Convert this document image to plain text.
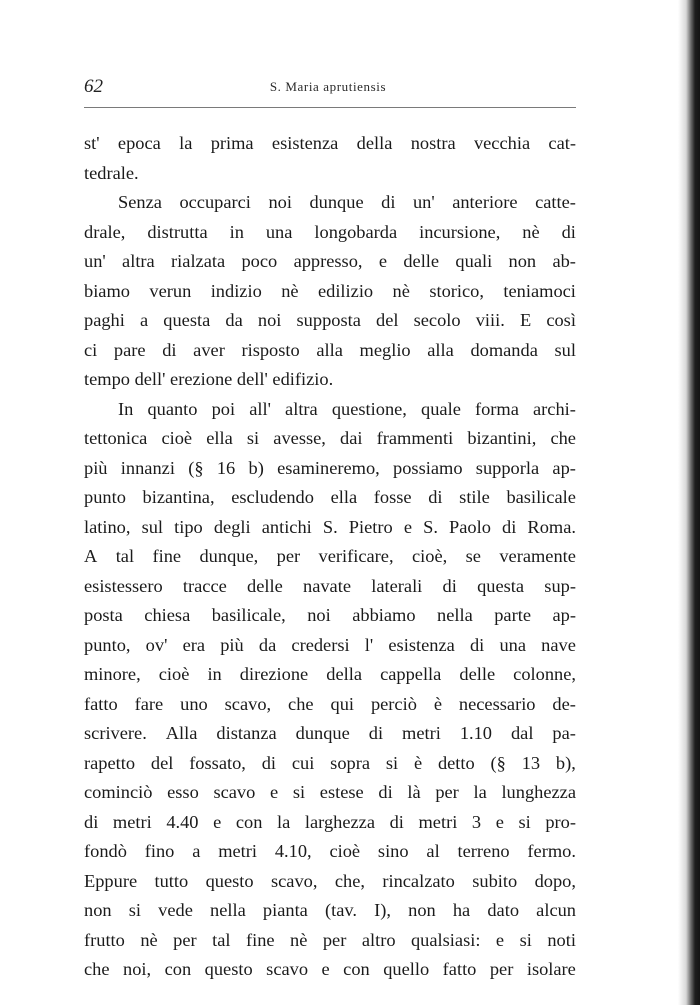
62	S. Maria aprutiensis
st' epoca la prima esistenza della nostra vecchia cat-
tedrale.
Senza occuparci noi dunque di un' anteriore catte-
drale, distrutta in una longobarda incursione, nè di
un' altra rialzata poco appresso, e delle quali non ab-
biamo verun indizio nè edilizio nè storico, teniamoci
paghi a questa da noi supposta del secolo viii. E così
ci pare di aver risposto alla meglio alla domanda sul
tempo dell' erezione dell' edifizio.
In quanto poi all' altra questione, quale forma archi-
tettonica cioè ella si avesse, dai frammenti bizantini, che
più innanzi (§ 16 b) esamineremo, possiamo supporla ap-
punto bizantina, escludendo ella fosse di stile basilicale
latino, sul tipo degli antichi S. Pietro e S. Paolo di Roma.
A tal fine dunque, per verificare, cioè, se veramente
esistessero tracce delle navate laterali di questa sup-
posta chiesa basilicale, noi abbiamo nella parte ap-
punto, ov' era più da credersi l' esistenza di una nave
minore, cioè in direzione della cappella delle colonne,
fatto fare uno scavo, che qui perciò è necessario de-
scrivere. Alla distanza dunque di metri 1.10 dal pa-
rapetto del fossato, di cui sopra si è detto (§ 13 b),
cominciò esso scavo e si estese di là per la lunghezza
di metri 4.40 e con la larghezza di metri 3 e si pro-
fondò fino a metri 4.10, cioè sino al terreno fermo.
Eppure tutto questo scavo, che, rincalzato subito dopo,
non si vede nella pianta (tav. I), non ha dato alcun
frutto nè per tal fine nè per altro qualsiasi: e si noti
che noi, con questo scavo e con quello fatto per isolare
